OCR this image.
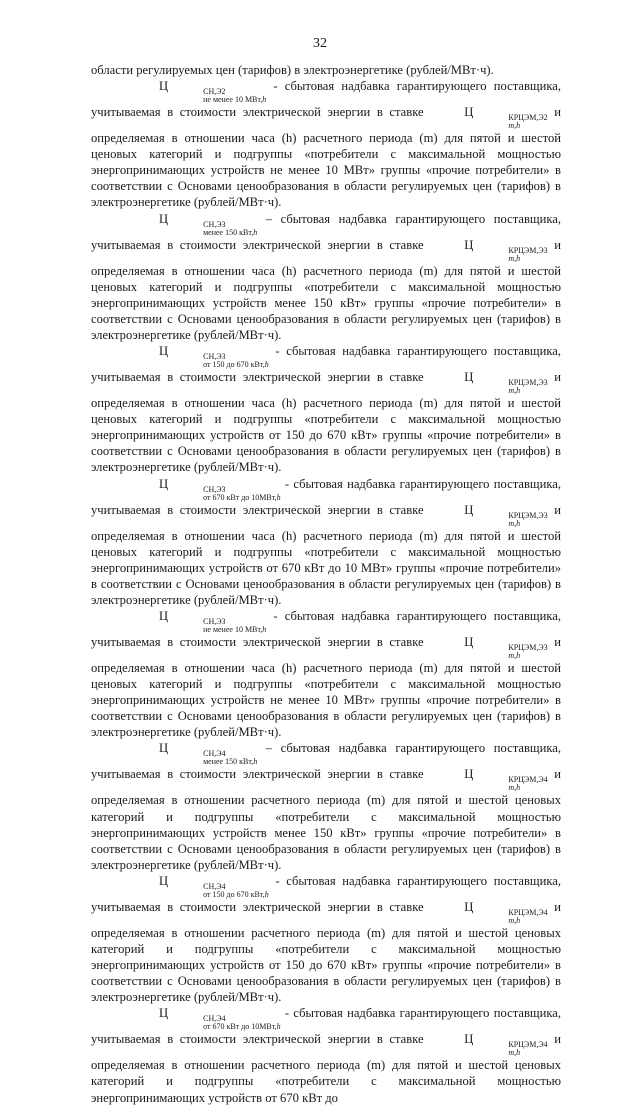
32

области регулируемых цен (тарифов) в электроэнергетике (рублей/МВт·ч).

Ц	СН,Э2
не менее 10 МВт,h
- сбытовая надбавка гарантирующего поставщика, учитываемая в стоимости электрической энергии в ставке	Ц	КРЦЭМ,Э2
m,h
и определяемая в отношении часа (h) расчетного периода (m) для пятой и шестой ценовых категорий и подгруппы «потребители с максимальной мощностью энергопринимающих устройств не менее 10 МВт» группы «прочие потребители» в соответствии с Основами ценообразования в области регулируемых цен (тарифов) в электроэнергетике (рублей/МВт·ч).

Ц	СН,Э3
менее 150 кВт,h
– сбытовая надбавка гарантирующего поставщика, учитываемая в стоимости электрической энергии в ставке	Ц	КРЦЭМ,Э3
m,h
и определяемая в отношении часа (h) расчетного периода (m) для пятой и шестой ценовых категорий и подгруппы «потребители с максимальной мощностью энергопринимающих устройств менее 150 кВт» группы «прочие потребители» в соответствии с Основами ценообразования в области регулируемых цен (тарифов) в электроэнергетике (рублей/МВт·ч).

Ц	СН,Э3
от 150 до 670 кВт,h
- сбытовая надбавка гарантирующего поставщика, учитываемая в стоимости электрической энергии в ставке	Ц	КРЦЭМ,Э3
m,h
и определяемая в отношении часа (h) расчетного периода (m) для пятой и шестой ценовых категорий и подгруппы «потребители с максимальной мощностью энергопринимающих устройств от 150 до 670 кВт» группы «прочие потребители» в соответствии с Основами ценообразования в области регулируемых цен (тарифов) в электроэнергетике (рублей/МВт·ч).

Ц	СН,Э3
от 670 кВт до 10МВт,h
- сбытовая надбавка гарантирующего поставщика, учитываемая в стоимости электрической энергии в ставке	Ц	КРЦЭМ,Э3
m,h
и определяемая в отношении часа (h) расчетного периода (m) для пятой и шестой ценовых категорий и подгруппы «потребители с максимальной мощностью энергопринимающих устройств от 670 кВт до 10 МВт» группы «прочие потребители» в соответствии с Основами ценообразования в области регулируемых цен (тарифов) в электроэнергетике (рублей/МВт·ч).

Ц	СН,Э3
не менее 10 МВт,h
- сбытовая надбавка гарантирующего поставщика, учитываемая в стоимости электрической энергии в ставке	Ц	КРЦЭМ,Э3
m,h
и определяемая в отношении часа (h) расчетного периода (m) для пятой и шестой ценовых категорий и подгруппы «потребители с максимальной мощностью энергопринимающих устройств не менее 10 МВт» группы «прочие потребители» в соответствии с Основами ценообразования в области регулируемых цен (тарифов) в электроэнергетике (рублей/МВт·ч).

Ц	СН,Э4
менее 150 кВт,h
– сбытовая надбавка гарантирующего поставщика, учитываемая в стоимости электрической энергии в ставке	Ц	КРЦЭМ,Э4
m,h
и определяемая в отношении расчетного периода (m) для пятой и шестой ценовых категорий и подгруппы «потребители с максимальной мощностью энергопринимающих устройств менее 150 кВт» группы «прочие потребители» в соответствии с Основами ценообразования в области регулируемых цен (тарифов) в электроэнергетике (рублей/МВт·ч).

Ц	СН,Э4
от 150 до 670 кВт,h
- сбытовая надбавка гарантирующего поставщика, учитываемая в стоимости электрической энергии в ставке	Ц	КРЦЭМ,Э4
m,h
и определяемая в отношении расчетного периода (m) для пятой и шестой ценовых категорий и подгруппы «потребители с максимальной мощностью энергопринимающих устройств от 150 до 670 кВт» группы «прочие потребители» в соответствии с Основами ценообразования в области регулируемых цен (тарифов) в электроэнергетике (рублей/МВт·ч).

Ц	СН,Э4
от 670 кВт до 10МВт,h
- сбытовая надбавка гарантирующего поставщика, учитываемая в стоимости электрической энергии в ставке	Ц	КРЦЭМ,Э4
m,h
и определяемая в отношении расчетного периода (m) для пятой и шестой ценовых категорий и подгруппы «потребители с максимальной мощностью энергопринимающих устройств от 670 кВт до
